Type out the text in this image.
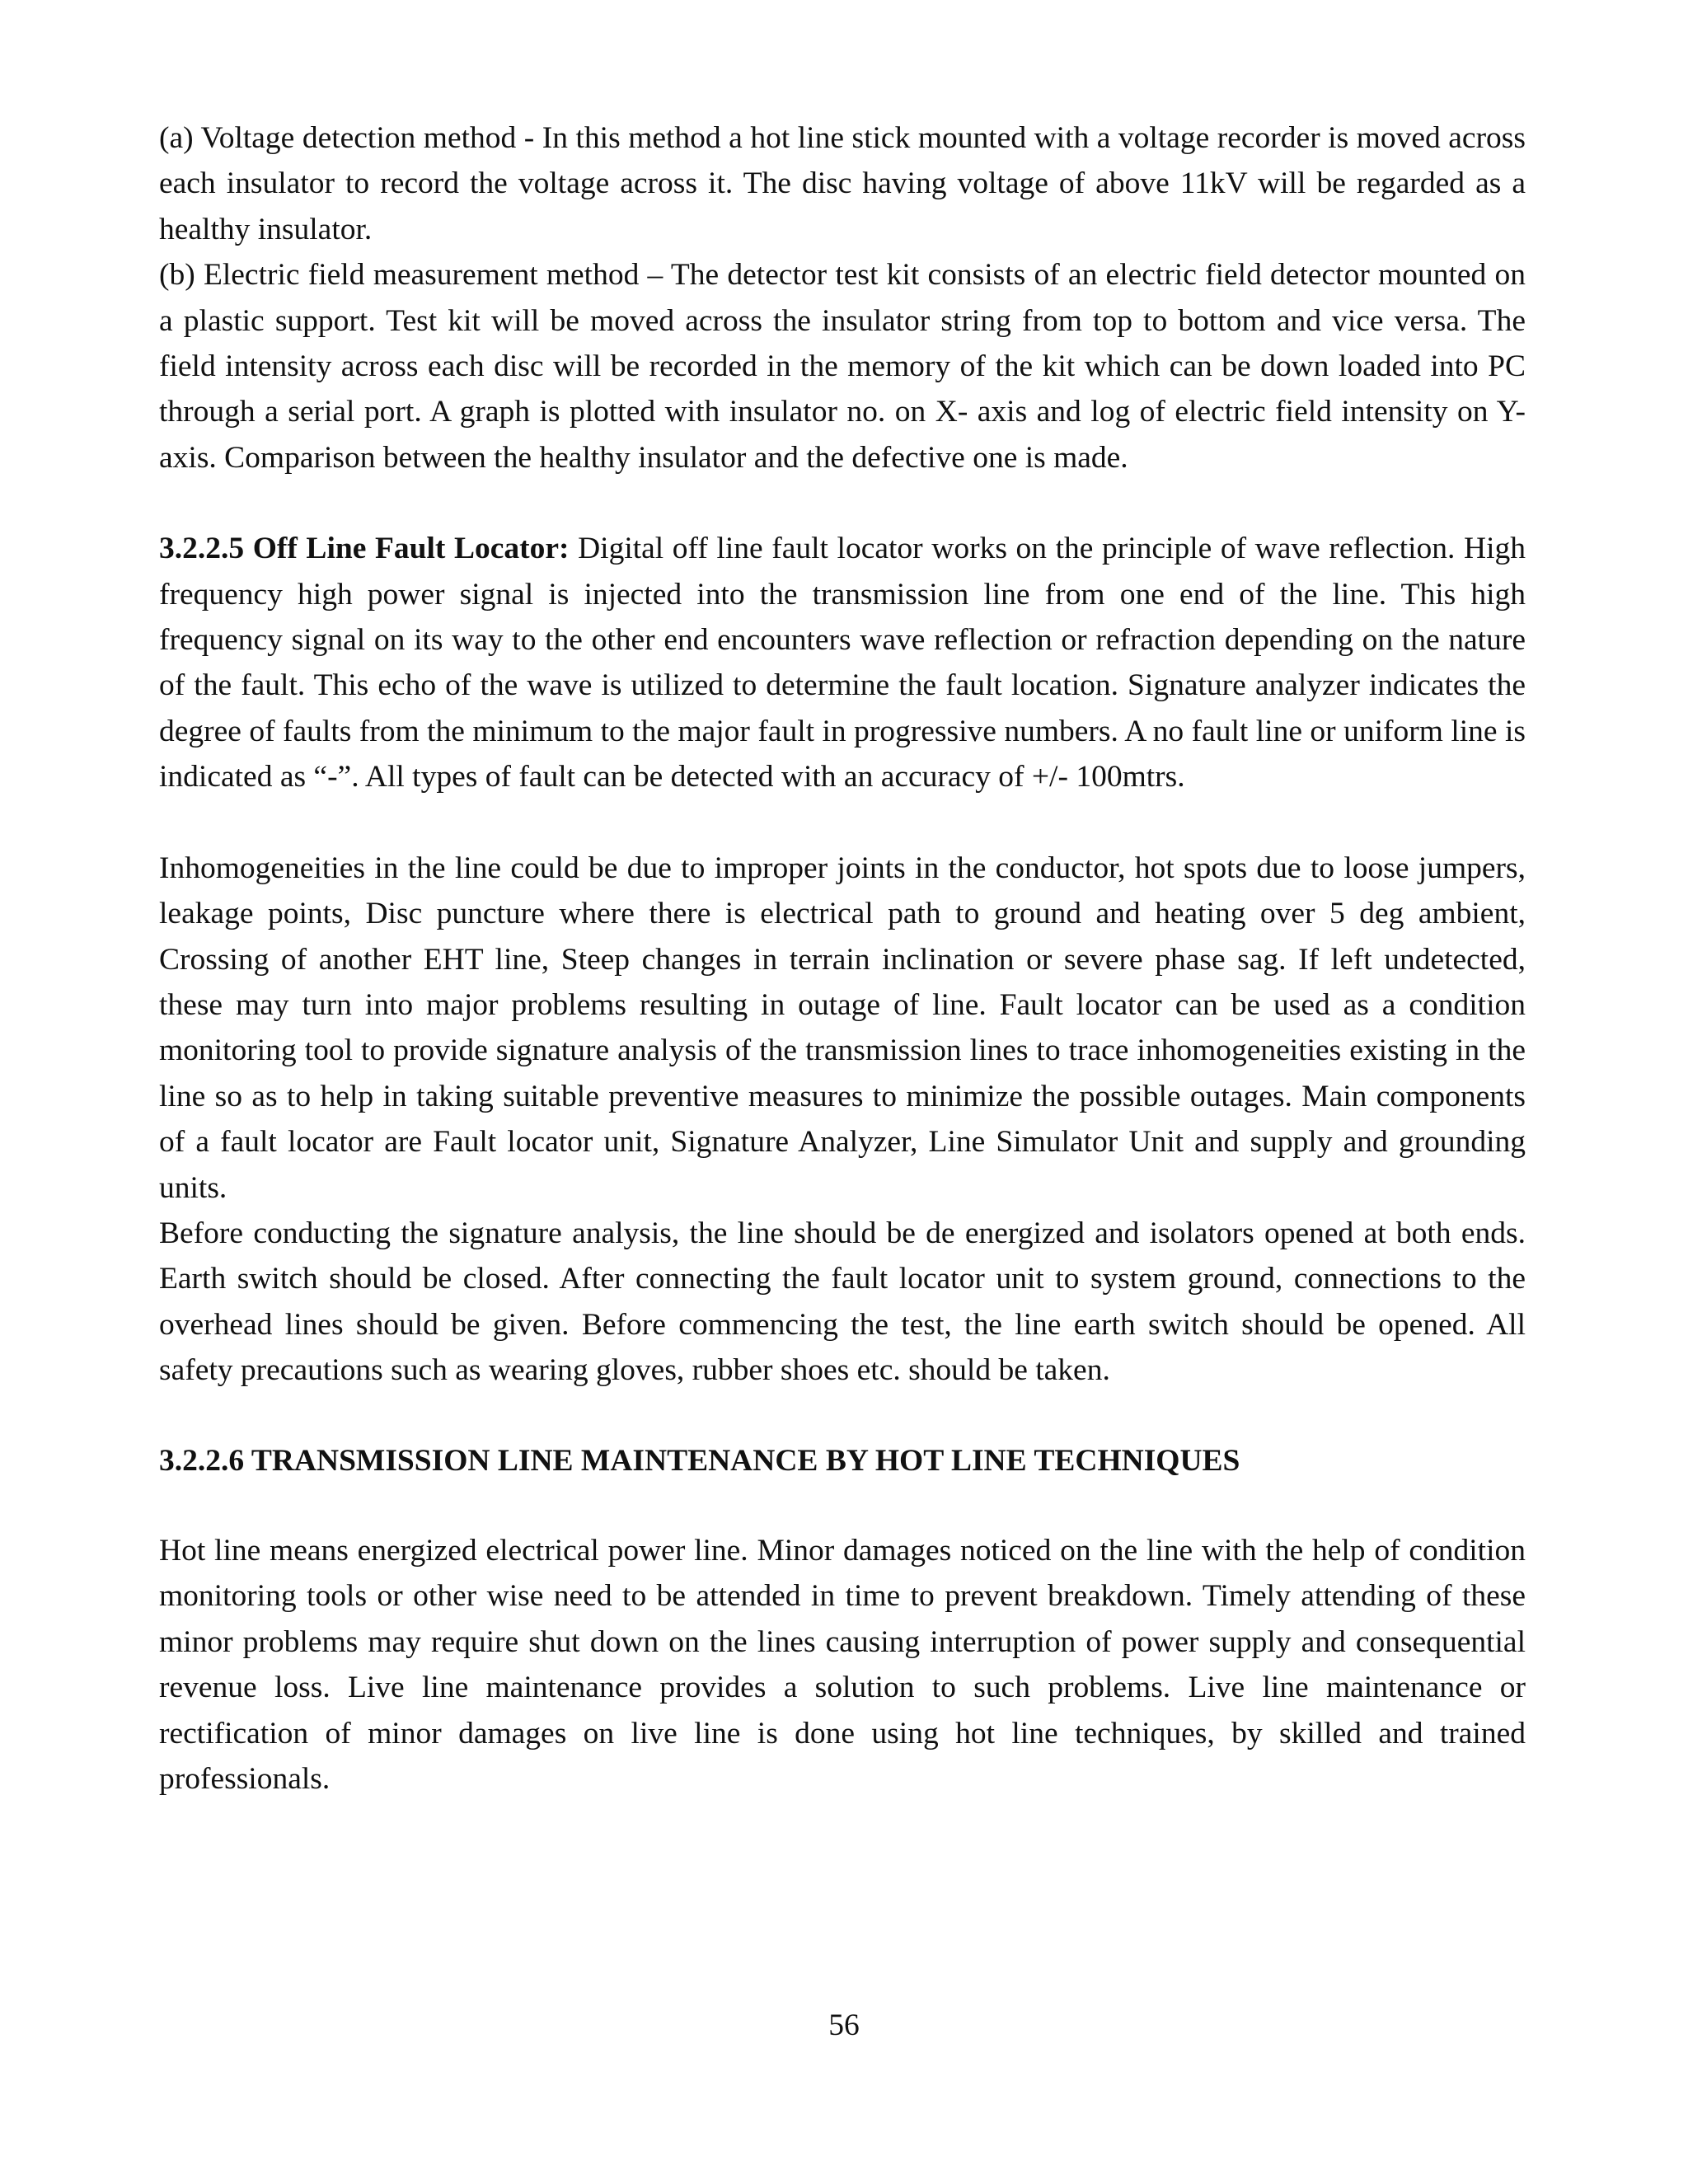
(a) Voltage detection method - In this method a hot line stick mounted with a voltage recorder is moved across each insulator to record the voltage across it. The disc having voltage of above 11kV will be regarded as a healthy insulator.

(b) Electric field measurement method – The detector test kit consists of an electric field detector mounted on a plastic support. Test kit will be moved across the insulator string from top to bottom and vice versa. The field intensity across each disc will be recorded in the memory of the kit which can be down loaded into PC through a serial port. A graph is plotted with insulator no. on X- axis and log of electric field intensity on Y-axis. Comparison between the healthy insulator and the defective one is made.

3.2.2.5 Off Line Fault Locator: Digital off line fault locator works on the principle of wave reflection. High frequency high power signal is injected into the transmission line from one end of the line. This high frequency signal on its way to the other end encounters wave reflection or refraction depending on the nature of the fault. This echo of the wave is utilized to determine the fault location. Signature analyzer indicates the degree of faults from the minimum to the major fault in progressive numbers. A no fault line or uniform line is indicated as “-”. All types of fault can be detected with an accuracy of +/- 100mtrs.

Inhomogeneities in the line could be due to improper joints in the conductor, hot spots due to loose jumpers, leakage points, Disc puncture where there is electrical path to ground and heating over 5 deg ambient, Crossing of another EHT line, Steep changes in terrain inclination or severe phase sag. If left undetected, these may turn into major problems resulting in outage of line. Fault locator can be used as a condition monitoring tool to provide signature analysis of the transmission lines to trace inhomogeneities existing in the line so as to help in taking suitable preventive measures to minimize the possible outages. Main components of a fault locator are Fault locator unit, Signature Analyzer, Line Simulator Unit and supply and grounding units.

Before conducting the signature analysis, the line should be de energized and isolators opened at both ends. Earth switch should be closed. After connecting the fault locator unit to system ground, connections to the overhead lines should be given. Before commencing the test, the line earth switch should be opened. All safety precautions such as wearing gloves, rubber shoes etc. should be taken.

3.2.2.6 TRANSMISSION LINE MAINTENANCE BY HOT LINE TECHNIQUES

Hot line means energized electrical power line. Minor damages noticed on the line with the help of condition monitoring tools or other wise need to be attended in time to prevent breakdown. Timely attending of these minor problems may require shut down on the lines causing interruption of power supply and consequential revenue loss. Live line maintenance provides a solution to such problems. Live line maintenance or rectification of minor damages on live line is done using hot line techniques, by skilled and trained professionals.

56
